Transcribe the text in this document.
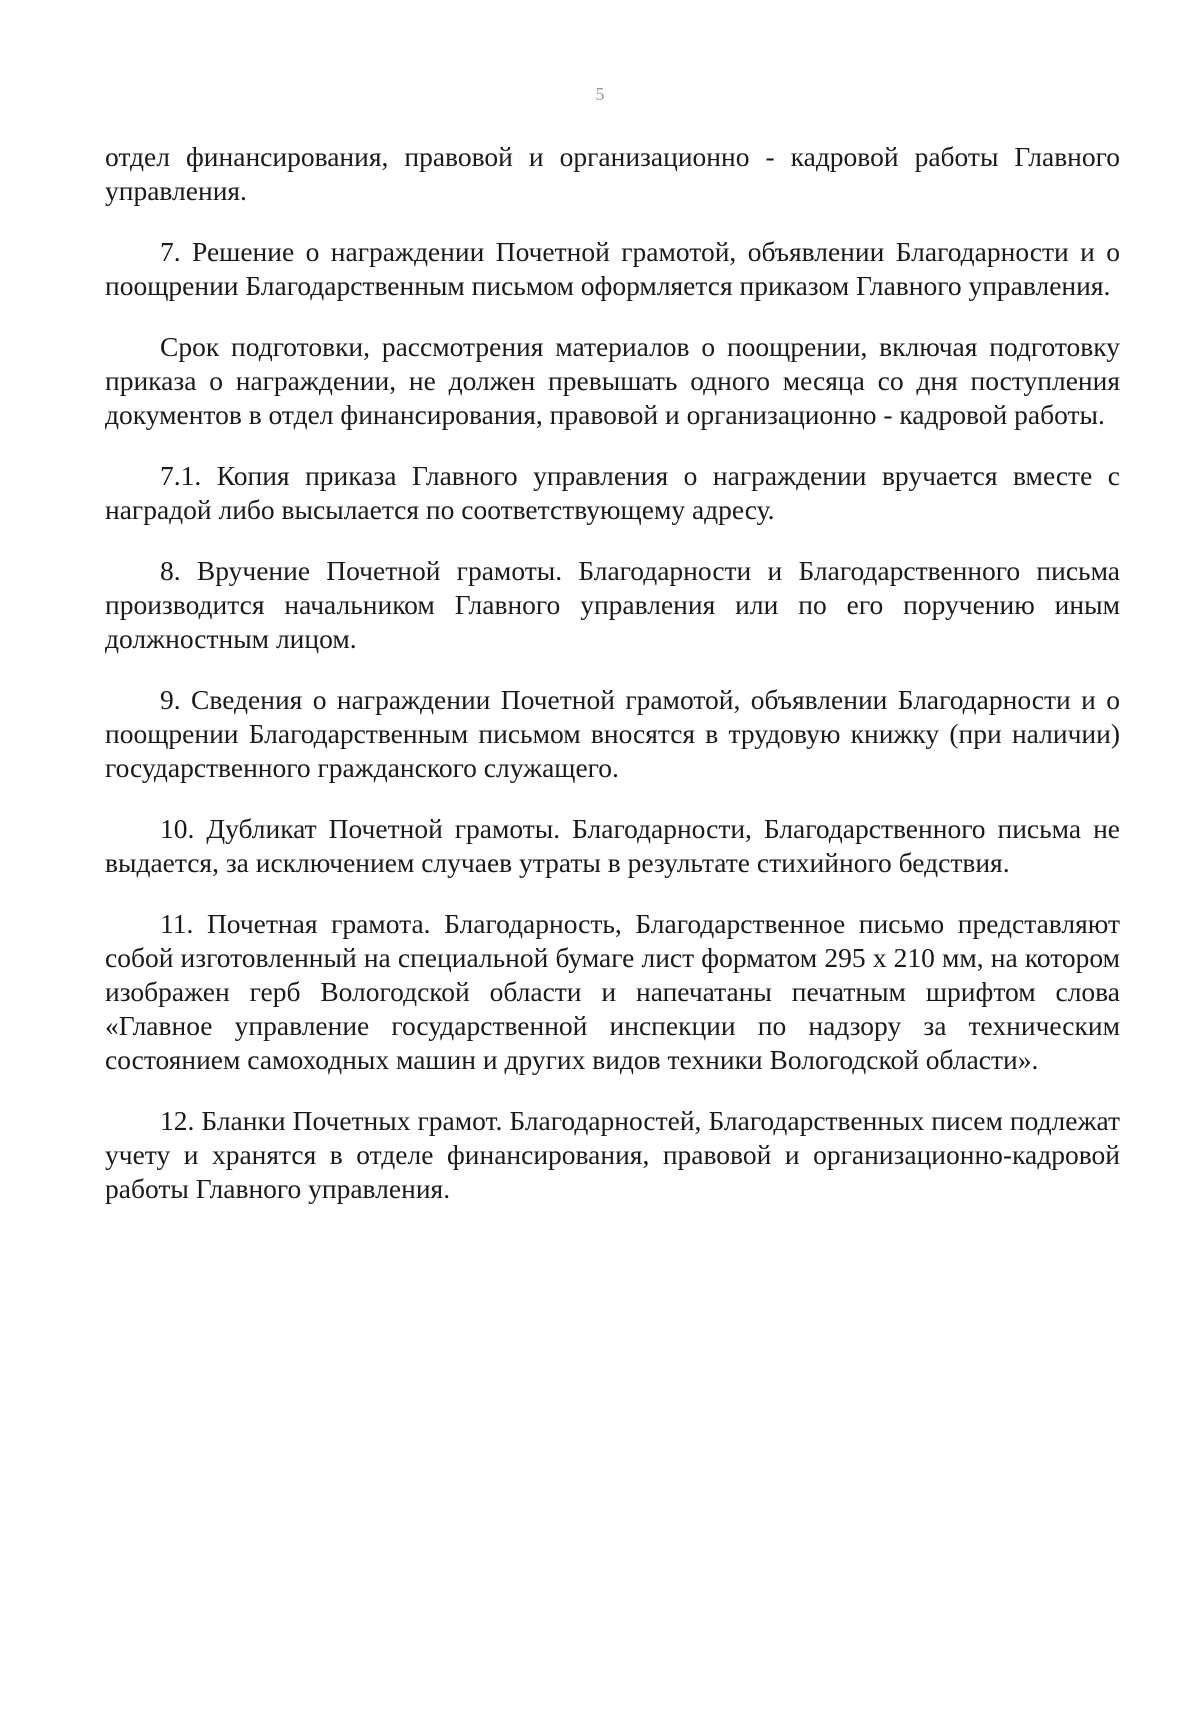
5

отдел финансирования, правовой и организационно - кадровой работы Главного управления.

7. Решение о награждении Почетной грамотой, объявлении Благодарности и о поощрении Благодарственным письмом оформляется приказом Главного управления.

Срок подготовки, рассмотрения материалов о поощрении, включая подготовку приказа о награждении, не должен превышать одного месяца со дня поступления документов в отдел финансирования, правовой и организационно - кадровой работы.

7.1. Копия приказа Главного управления о награждении вручается вместе с наградой либо высылается по соответствующему адресу.

8. Вручение Почетной грамоты. Благодарности и Благодарственного письма производится начальником Главного управления или по его поручению иным должностным лицом.

9. Сведения о награждении Почетной грамотой, объявлении Благодарности и о поощрении Благодарственным письмом вносятся в трудовую книжку (при наличии) государственного гражданского служащего.

10. Дубликат Почетной грамоты. Благодарности, Благодарственного письма не выдается, за исключением случаев утраты в результате стихийного бедствия.

11. Почетная грамота. Благодарность, Благодарственное письмо представляют собой изготовленный на специальной бумаге лист форматом 295 x 210 мм, на котором изображен герб Вологодской области и напечатаны печатным шрифтом слова «Главное управление государственной инспекции по надзору за техническим состоянием самоходных машин и других видов техники Вологодской области».

12. Бланки Почетных грамот. Благодарностей, Благодарственных писем подлежат учету и хранятся в отделе финансирования, правовой и организационно-кадровой работы Главного управления.
